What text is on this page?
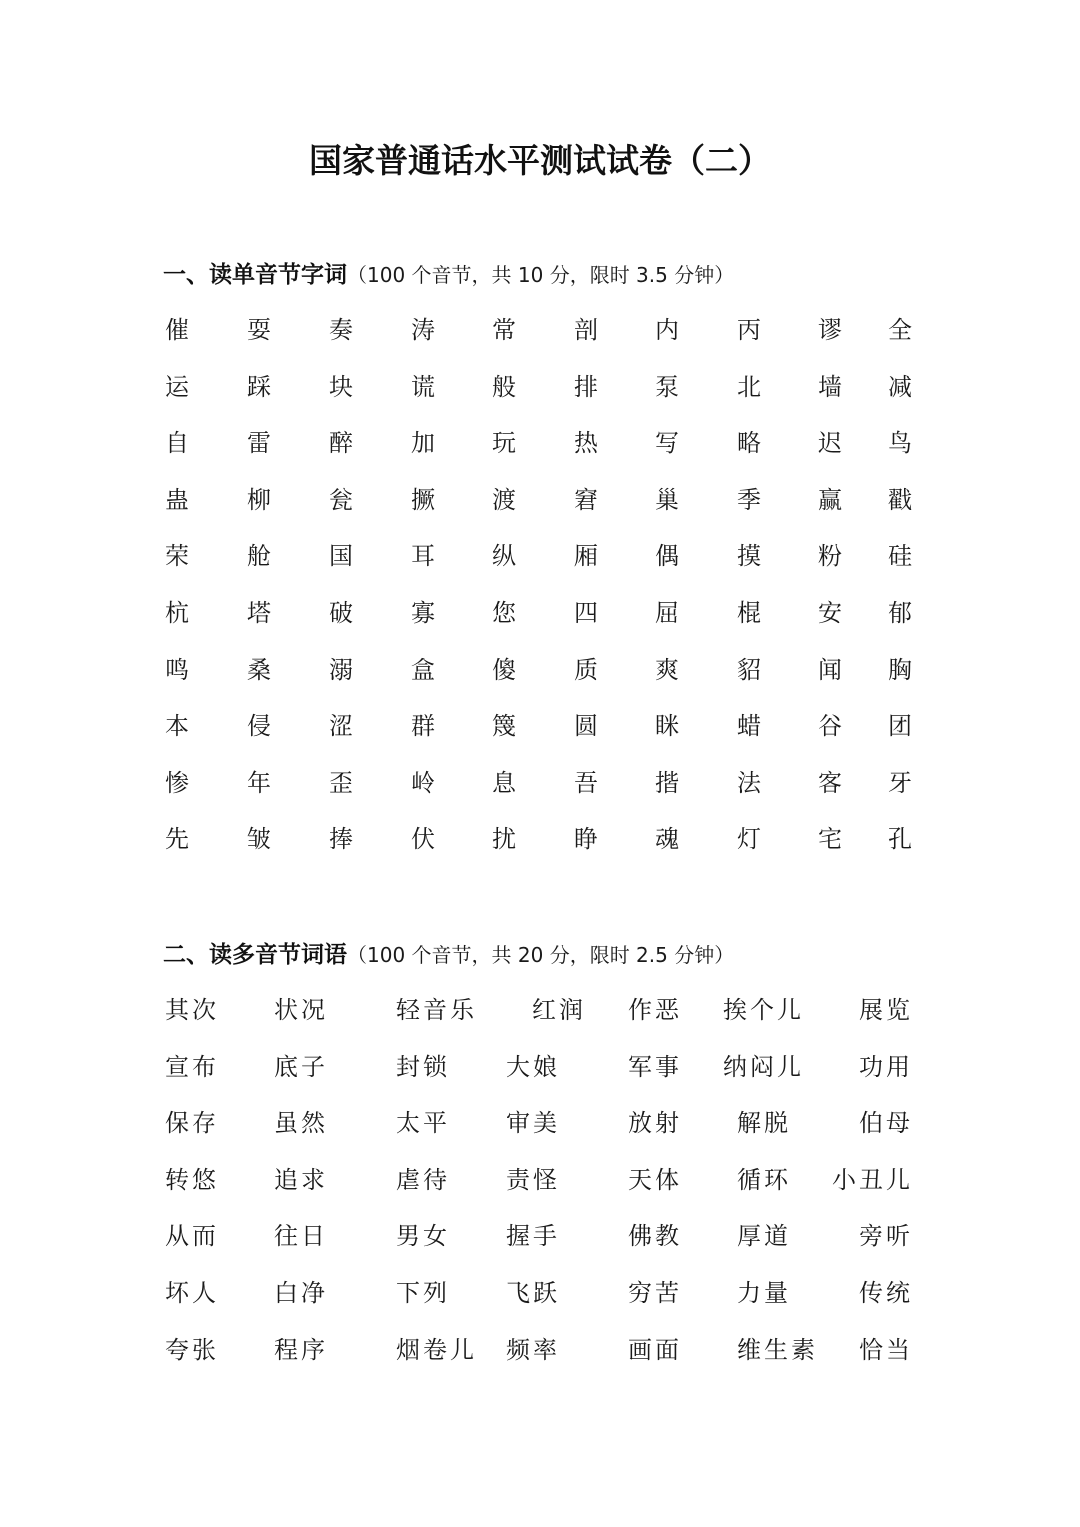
国家普通话水平测试试卷（二）
一、读单音节字词（100 个音节，共 10 分，限时 3.5 分钟）
催 耍 奏 涛 常 剖 内 丙 谬 全
运 踩 块 谎 般 排 泵 北 墙 减
自 雷 醉 加 玩 热 写 略 迟 鸟
蛊 柳 瓮 撅 渡 窘 巢 季 赢 戳
荣 舱 国 耳 纵 厢 偶 摸 粉 硅
杭 塔 破 寡 您 四 屈 棍 安 郁
鸣 桑 溺 盒 傻 质 爽 貂 闻 胸
本 侵 涩 群 篾 圆 眯 蜡 谷 团
惨 年 歪 岭 息 吾 揩 法 客 牙
先 皱 捧 伏 扰 睁 魂 灯 宅 孔
二、读多音节词语（100 个音节，共 20 分，限时 2.5 分钟）
其次 状况	轻音乐 红润 作恶 挨个儿 展览
宣布 底子	封锁 大娘	军事 纳闷儿 功用
保存 虽然	太平 审美	放射 解脱	伯母
转悠 追求	虐待 责怪	天体 循环 小丑儿
从而 往日	男女 握手	佛教 厚道	旁听
坏人 白净	下列 飞跃	穷苦 力量	传统
夸张 程序	烟卷儿 频率	画面 维生素 恰当
